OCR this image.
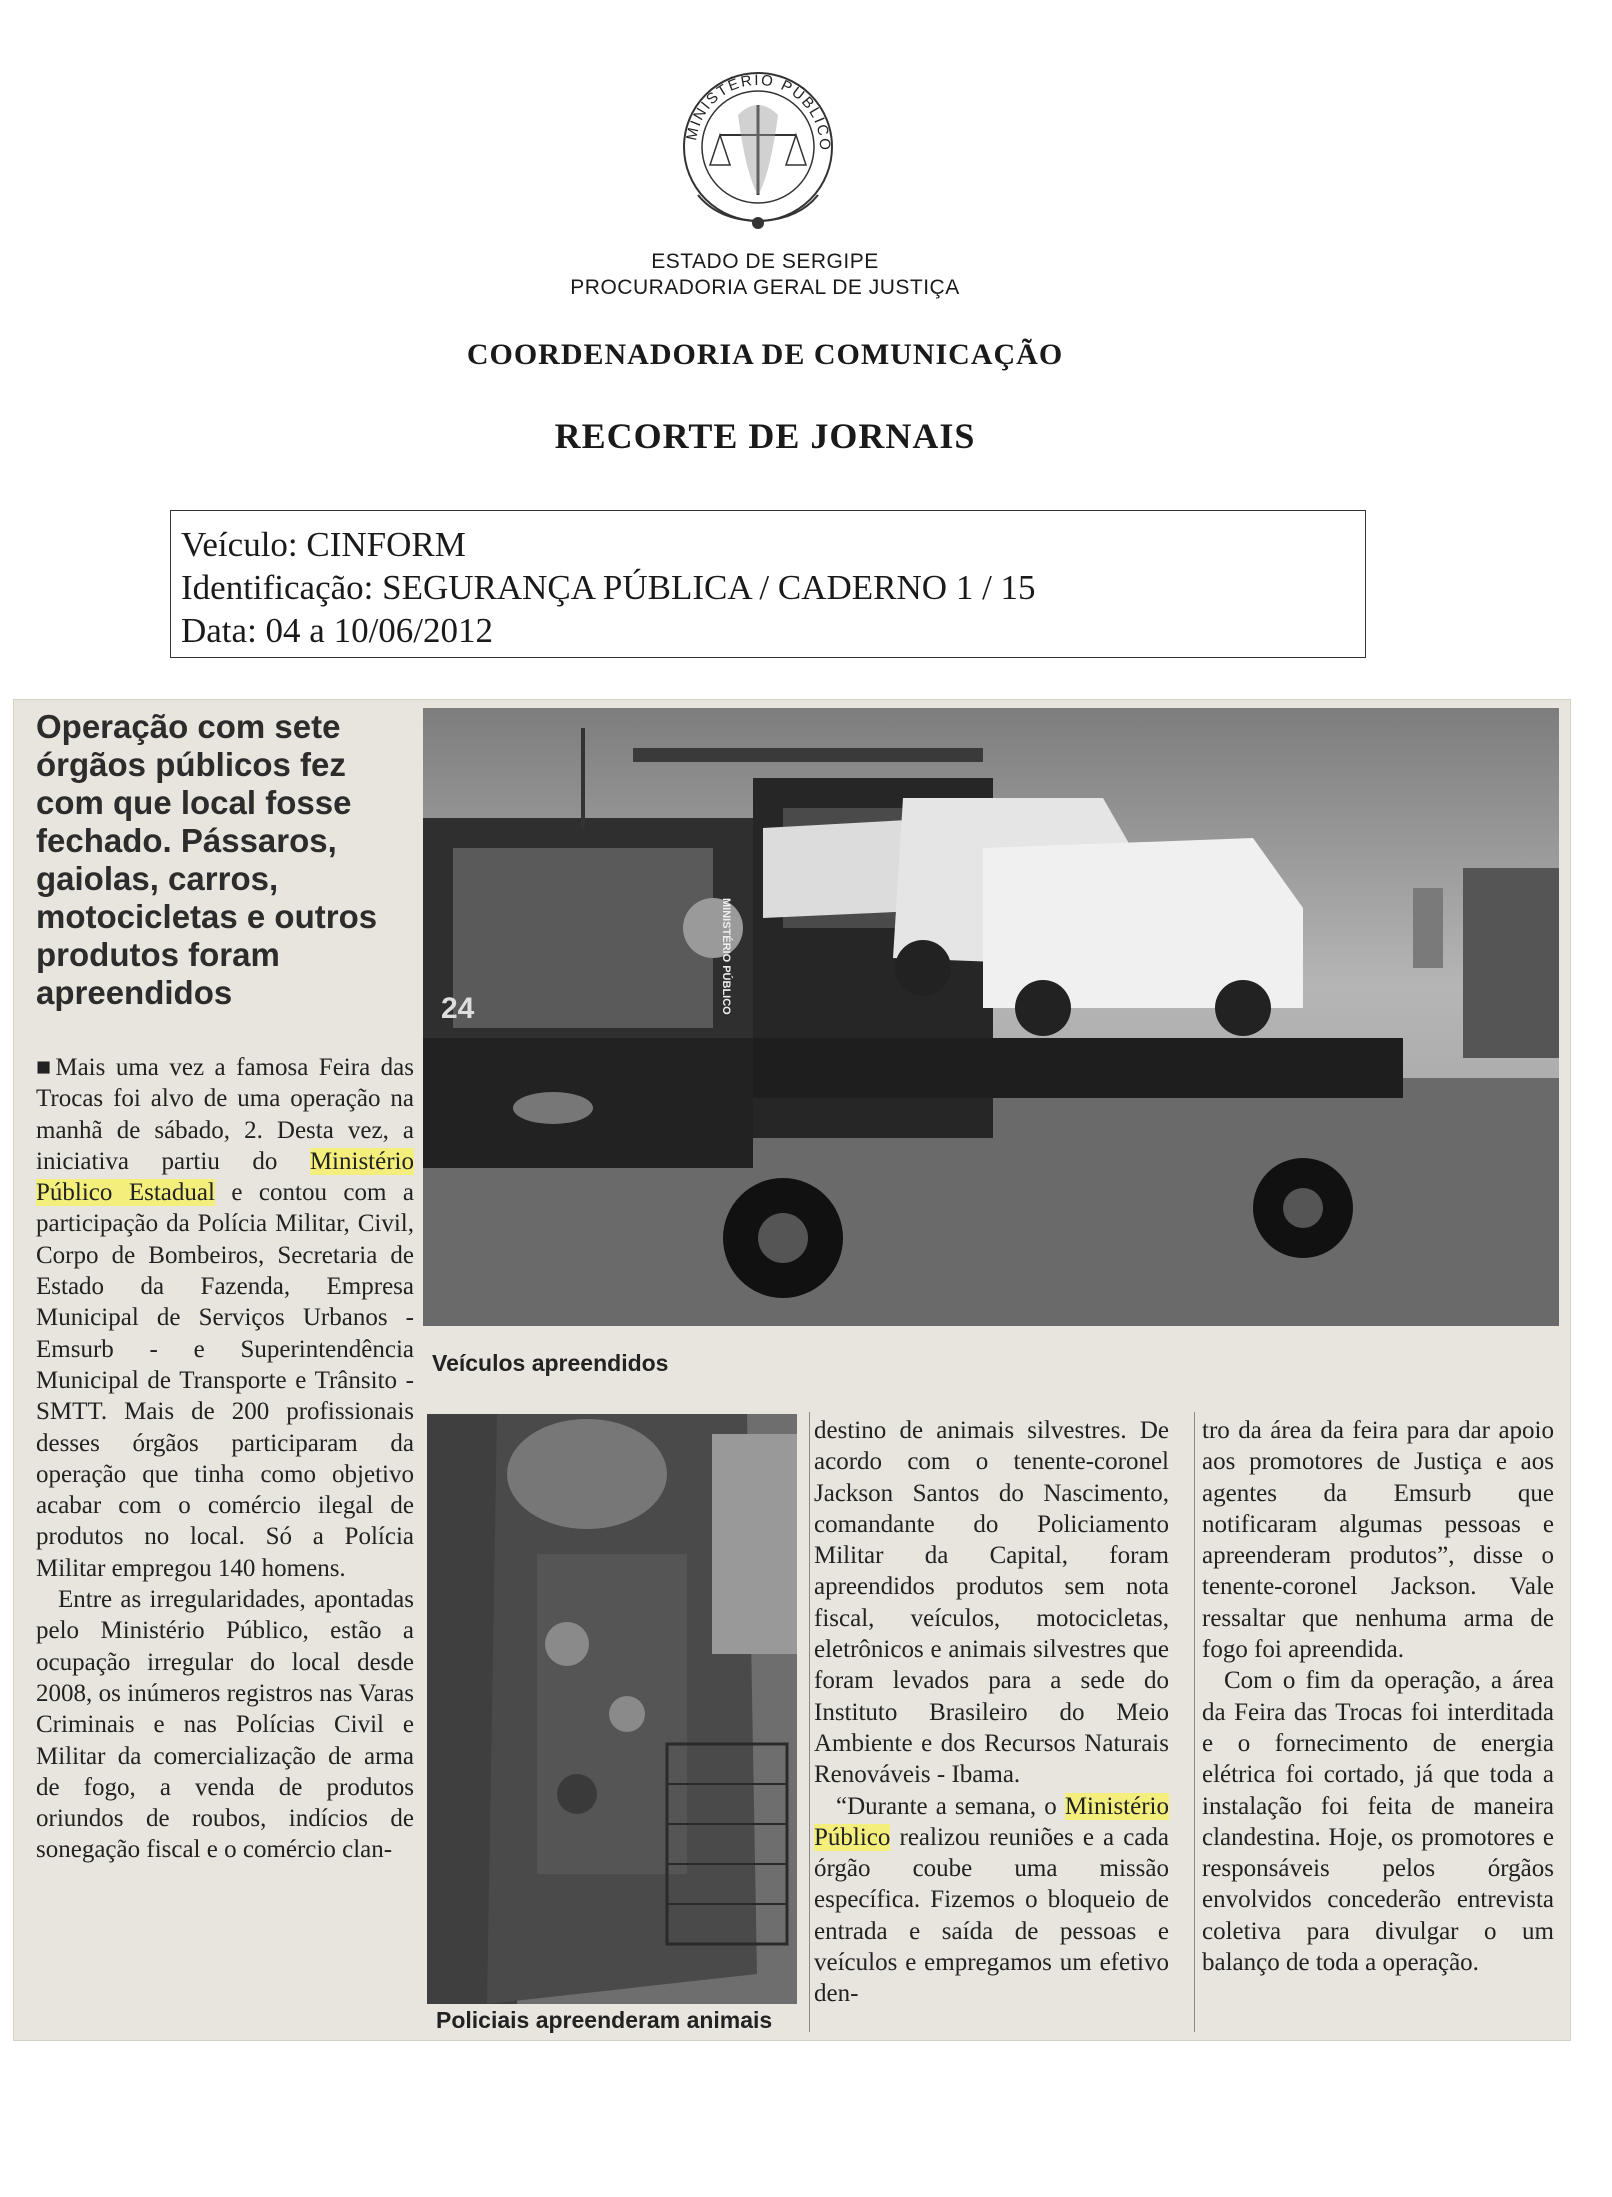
MINISTÉRIO PÚBLICO
ESTADO DE SERGIPE
PROCURADORIA GERAL DE JUSTIÇA
COORDENADORIA DE COMUNICAÇÃO
RECORTE DE JORNAIS
Veículo: CINFORM
Identificação: SEGURANÇA PÚBLICA / CADERNO 1 / 15
Data: 04 a 10/06/2012
Operação com sete órgãos públicos fez com que local fosse fechado. Pássaros, gaiolas, carros, motocicletas e outros produtos foram apreendidos

■Mais uma vez a famosa Feira das Trocas foi alvo de uma operação na manhã de sábado, 2. Desta vez, a iniciativa partiu do Ministério Público Estadual e contou com a participação da Polícia Militar, Civil, Corpo de Bombeiros, Secretaria de Estado da Fazenda, Empresa Municipal de Serviços Urbanos - Emsurb - e Superintendência Municipal de Transporte e Trânsito - SMTT. Mais de 200 profissionais desses órgãos participaram da operação que tinha como objetivo acabar com o comércio ilegal de produtos no local. Só a Polícia Militar empregou 140 homens.

Entre as irregularidades, apontadas pelo Ministério Público, estão a ocupação irregular do local desde 2008, os inúmeros registros nas Varas Criminais e nas Polícias Civil e Militar da comercialização de arma de fogo, a venda de produtos oriundos de roubos, indícios de sonegação fiscal e o comércio clan-

24	MINISTÉRIO PÚBLICO
Veículos apreendidos
Policiais apreenderam animais

destino de animais silvestres. De acordo com o tenente-coronel Jackson Santos do Nascimento, comandante do Policiamento Militar da Capital, foram apreendidos produtos sem nota fiscal, veículos, motocicletas, eletrônicos e animais silvestres que foram levados para a sede do Instituto Brasileiro do Meio Ambiente e dos Recursos Naturais Renováveis - Ibama.

“Durante a semana, o Ministério Público realizou reuniões e a cada órgão coube uma missão específica. Fizemos o bloqueio de entrada e saída de pessoas e veículos e empregamos um efetivo den-

tro da área da feira para dar apoio aos promotores de Justiça e aos agentes da Emsurb que notificaram algumas pessoas e apreenderam produtos”, disse o tenente-coronel Jackson. Vale ressaltar que nenhuma arma de fogo foi apreendida.

Com o fim da operação, a área da Feira das Trocas foi interditada e o fornecimento de energia elétrica foi cortado, já que toda a instalação foi feita de maneira clandestina. Hoje, os promotores e responsáveis pelos órgãos envolvidos concederão entrevista coletiva para divulgar o um balanço de toda a operação.
